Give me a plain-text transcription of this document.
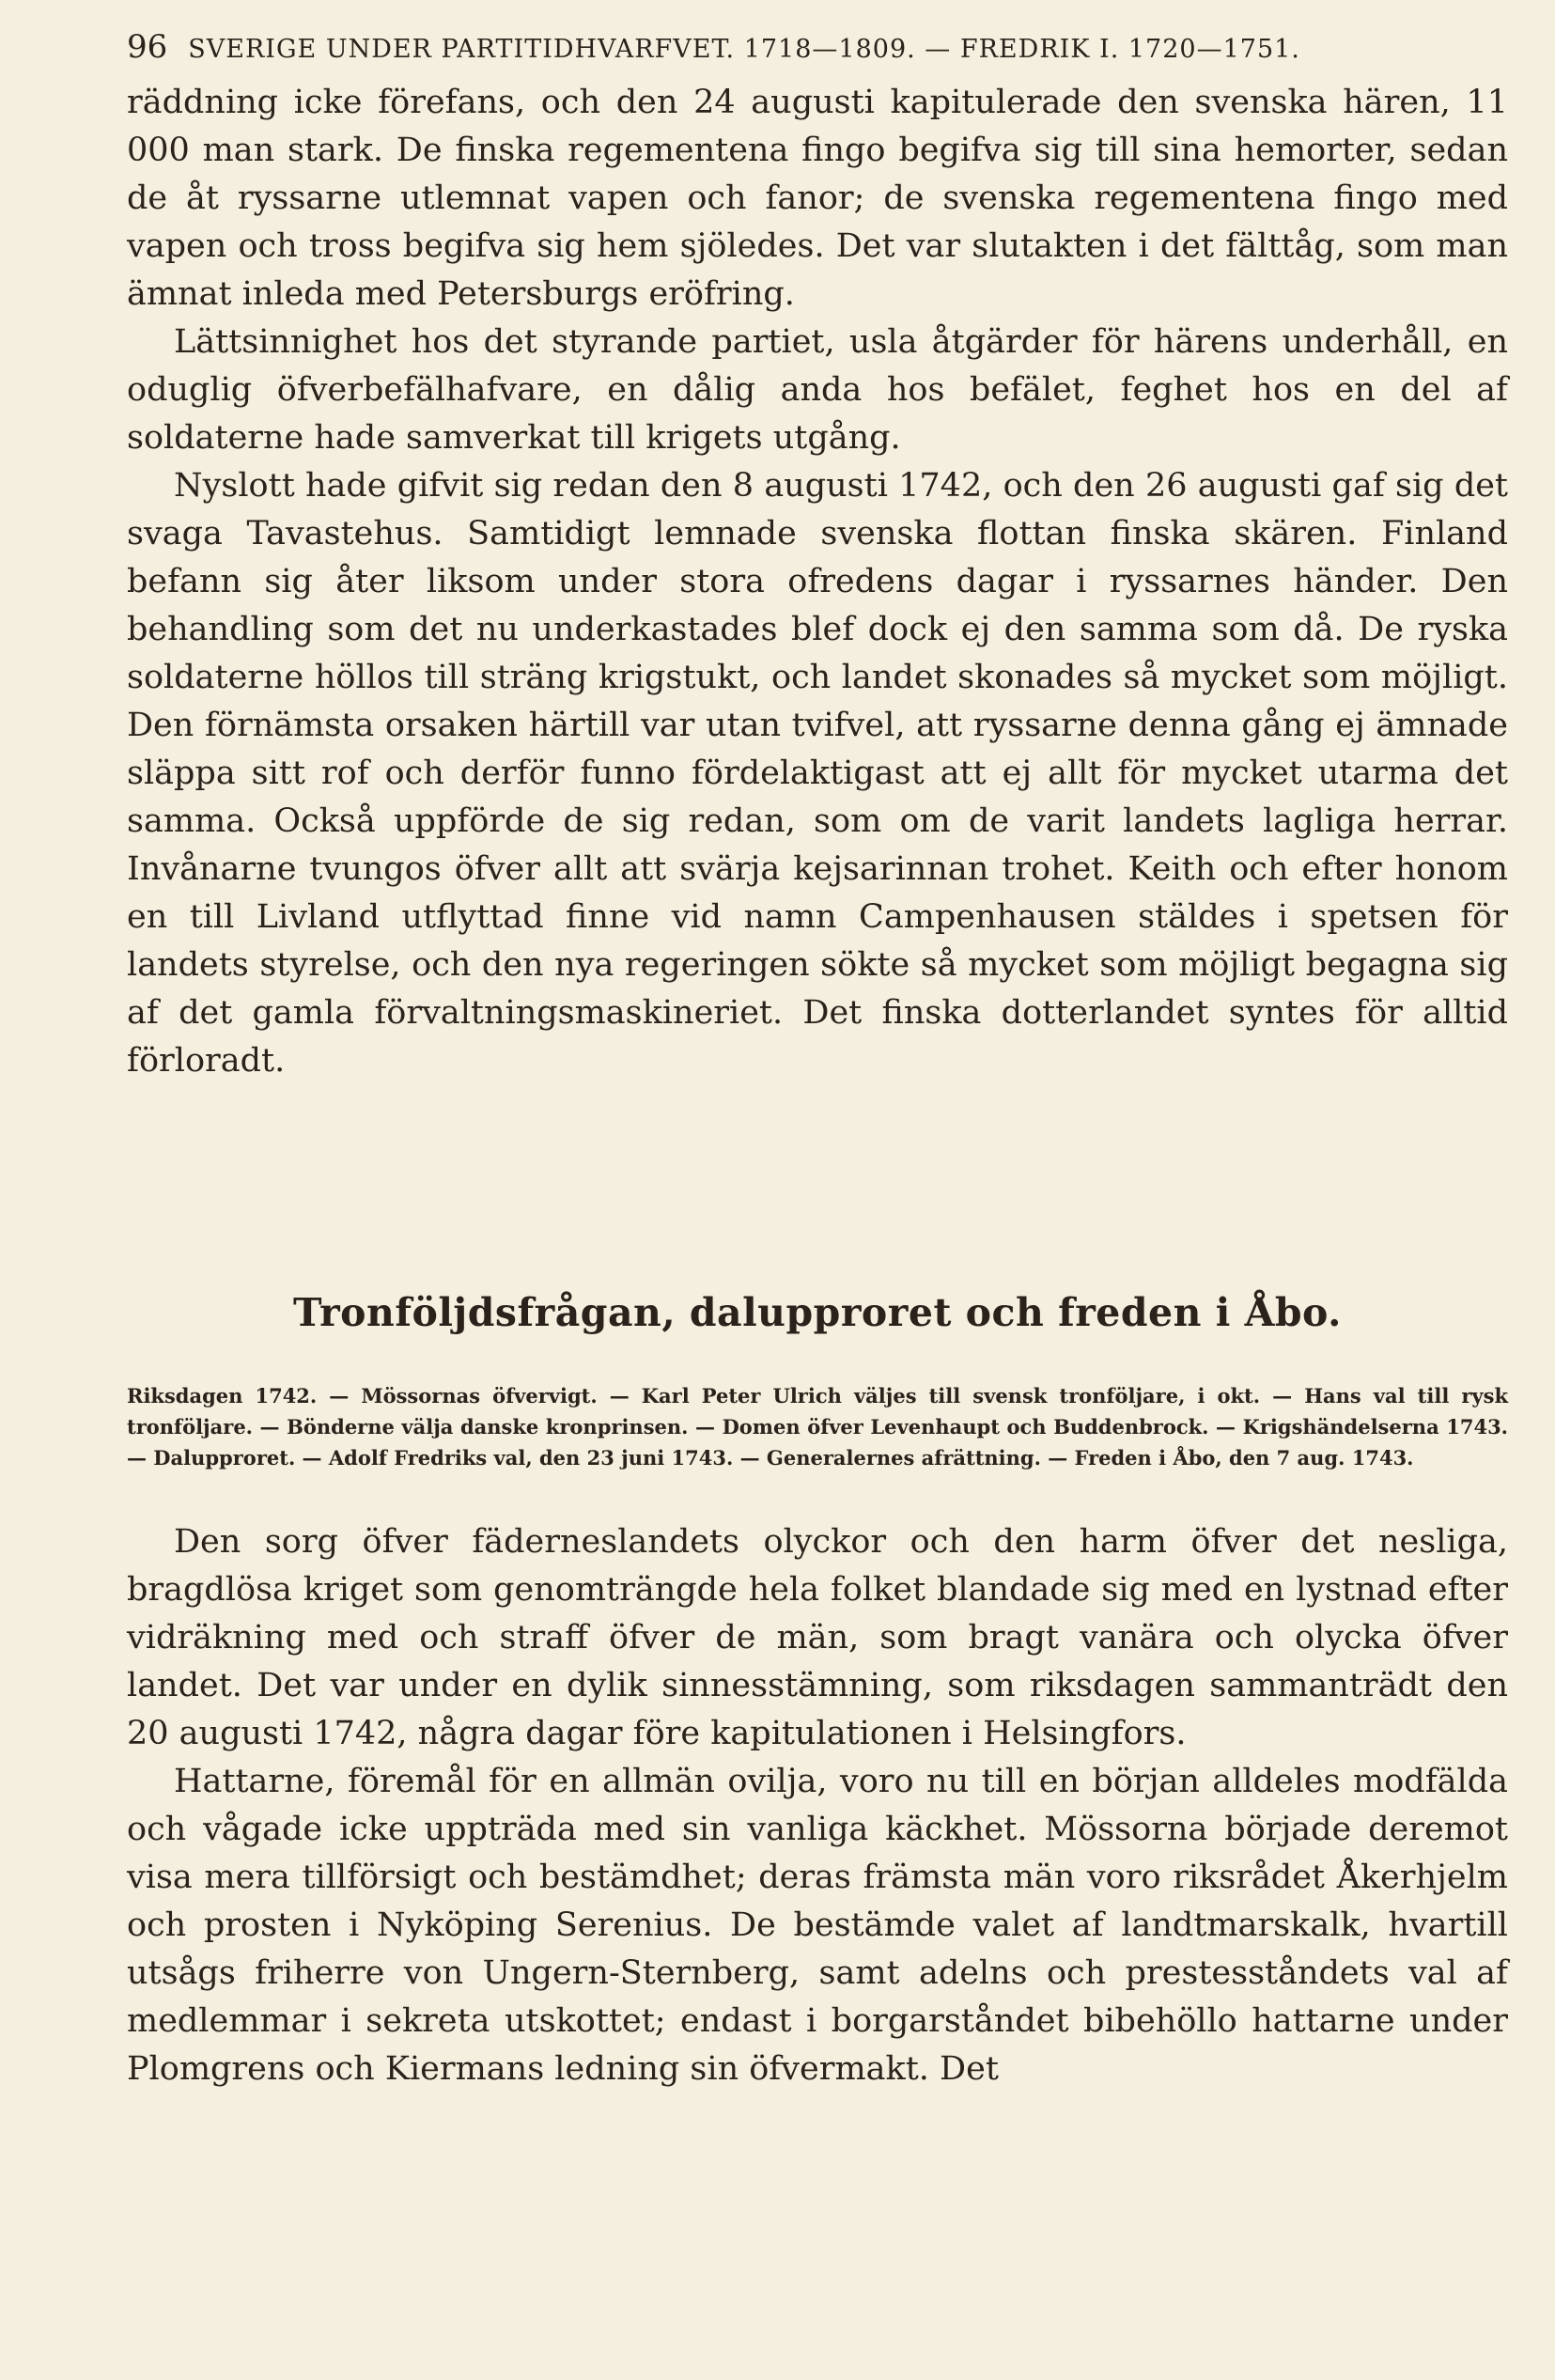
96 SVERIGE UNDER PARTITIDHVARFVET. 1718—1809. — FREDRIK I. 1720—1751.

räddning icke förefans, och den 24 augusti kapitulerade den svenska hären, 11 000 man stark. De finska regementena fingo begifva sig till sina hemorter, sedan de åt ryssarne utlemnat vapen och fanor; de svenska regementena fingo med vapen och tross begifva sig hem sjöledes. Det var slutakten i det fälttåg, som man ämnat inleda med Petersburgs eröfring.

Lättsinnighet hos det styrande partiet, usla åtgärder för härens underhåll, en oduglig öfverbefälhafvare, en dålig anda hos befälet, feghet hos en del af soldaterne hade samverkat till krigets utgång.

Nyslott hade gifvit sig redan den 8 augusti 1742, och den 26 augusti gaf sig det svaga Tavastehus. Samtidigt lemnade svenska flottan finska skären. Finland befann sig åter liksom under stora ofredens dagar i ryssarnes händer. Den behandling som det nu underkastades blef dock ej den samma som då. De ryska soldaterne höllos till sträng krigstukt, och landet skonades så mycket som möjligt. Den förnämsta orsaken härtill var utan tvifvel, att ryssarne denna gång ej ämnade släppa sitt rof och derför funno fördelaktigast att ej allt för mycket utarma det samma. Också uppförde de sig redan, som om de varit landets lagliga herrar. Invånarne tvungos öfver allt att svärja kejsarinnan trohet. Keith och efter honom en till Livland utflyttad finne vid namn Campenhausen stäldes i spetsen för landets styrelse, och den nya regeringen sökte så mycket som möjligt begagna sig af det gamla förvaltningsmaskineriet. Det finska dotterlandet syntes för alltid förloradt.

Tronföljdsfrågan, dalupproret och freden i Åbo.

Riksdagen 1742. — Mössornas öfvervigt. — Karl Peter Ulrich väljes till svensk tronföljare, i okt. — Hans val till rysk tronföljare. — Bönderne välja danske kronprinsen. — Domen öfver Levenhaupt och Buddenbrock. — Krigshändelserna 1743. — Dalupproret. — Adolf Fredriks val, den 23 juni 1743. — Generalernes afrättning. — Freden i Åbo, den 7 aug. 1743.

Den sorg öfver fäderneslandets olyckor och den harm öfver det nesliga, bragdlösa kriget som genomträngde hela folket blandade sig med en lystnad efter vidräkning med och straff öfver de män, som bragt vanära och olycka öfver landet. Det var under en dylik sinnesstämning, som riksdagen sammanträdt den 20 augusti 1742, några dagar före kapitulationen i Helsingfors.

Hattarne, föremål för en allmän ovilja, voro nu till en början alldeles modfälda och vågade icke uppträda med sin vanliga käckhet. Mössorna började deremot visa mera tillförsigt och bestämdhet; deras främsta män voro riksrådet Åkerhjelm och prosten i Nyköping Serenius. De bestämde valet af landtmarskalk, hvartill utsågs friherre von Ungern-Sternberg, samt adelns och prestesståndets val af medlemmar i sekreta utskottet; endast i borgarståndet bibehöllo hattarne under Plomgrens och Kiermans ledning sin öfvermakt. Det
